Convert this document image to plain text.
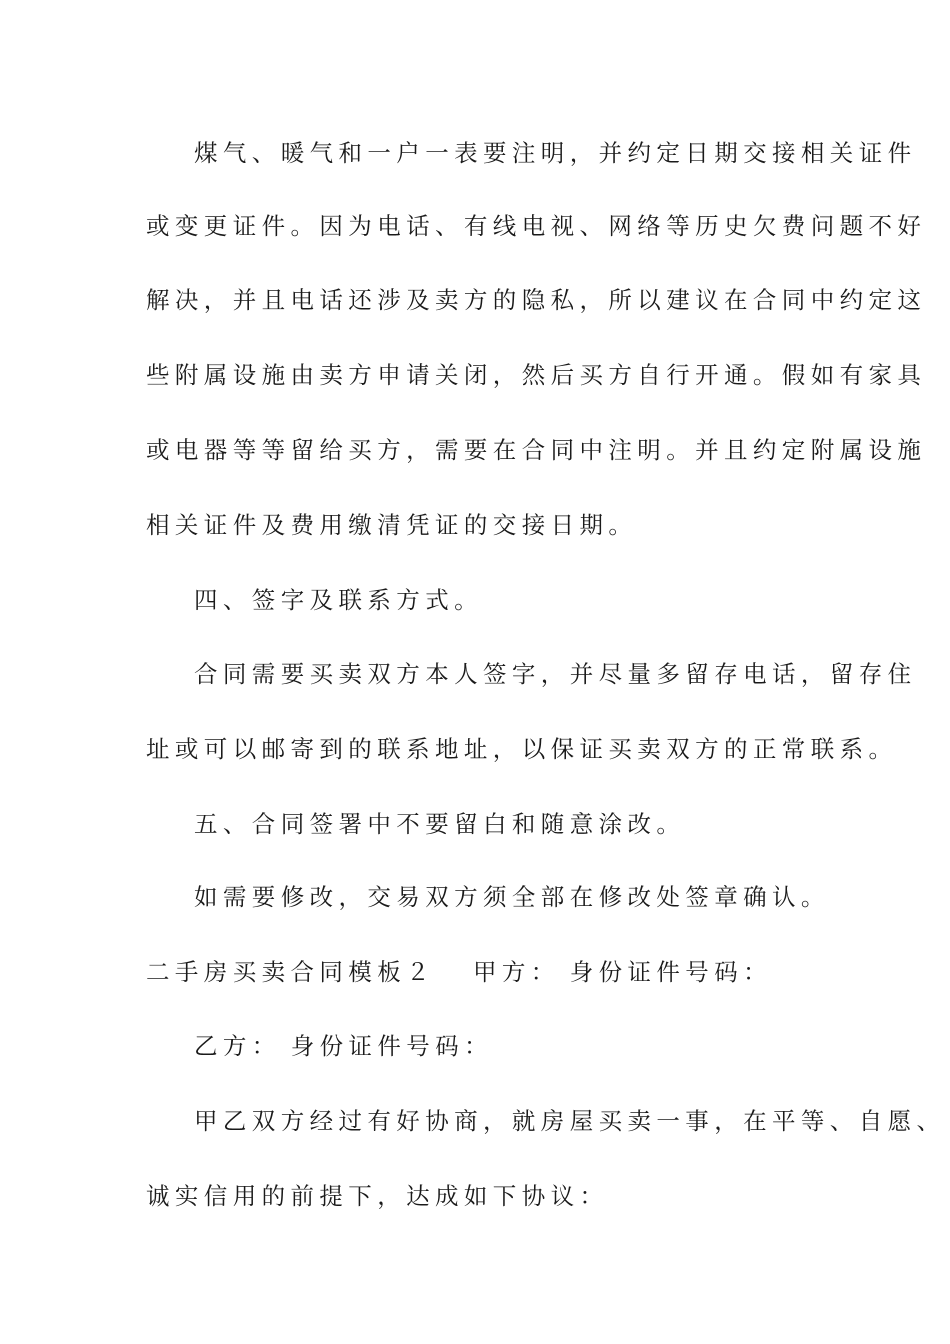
煤气、暖气和一户一表要注明，并约定日期交接相关证件
或变更证件。因为电话、有线电视、网络等历史欠费问题不好
解决，并且电话还涉及卖方的隐私，所以建议在合同中约定这
些附属设施由卖方申请关闭，然后买方自行开通。假如有家具
或电器等等留给买方，需要在合同中注明。并且约定附属设施
相关证件及费用缴清凭证的交接日期。
四、签字及联系方式。
合同需要买卖双方本人签字，并尽量多留存电话，留存住
址或可以邮寄到的联系地址，以保证买卖双方的正常联系。
五、合同签署中不要留白和随意涂改。
如需要修改，交易双方须全部在修改处签章确认。
二手房买卖合同模板２ 甲方： 身份证件号码：
乙方： 身份证件号码：
甲乙双方经过有好协商，就房屋买卖一事，在平等、自愿、
诚实信用的前提下，达成如下协议：
